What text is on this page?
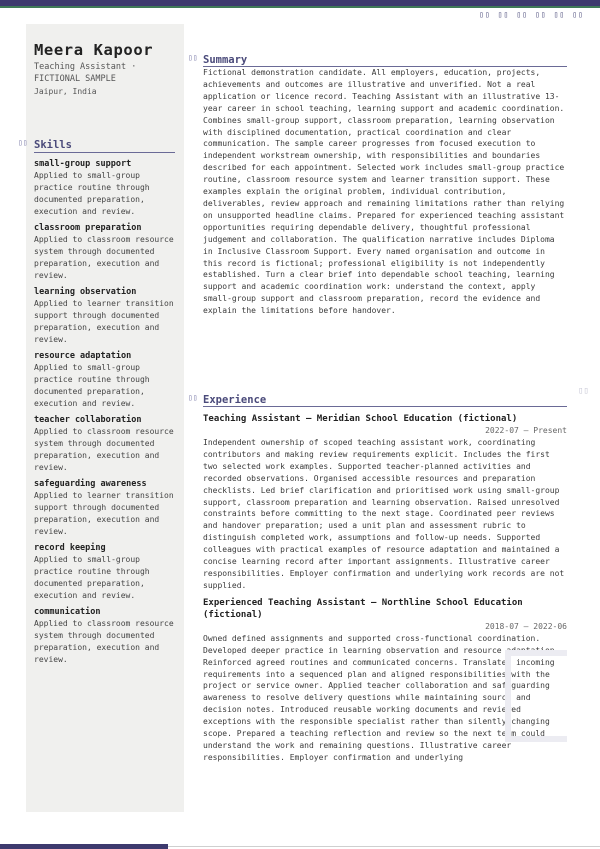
▯▯ ▯▯ ▯▯ ▯▯ ▯▯ ▯▯
Meera Kapoor
Teaching Assistant · FICTIONAL SAMPLE
Jaipur, India
small-group support
Applied to small-group practice routine through documented preparation, execution and review.
classroom preparation
Applied to classroom resource system through documented preparation, execution and review.
learning observation
Applied to learner transition support through documented preparation, execution and review.
resource adaptation
Applied to small-group practice routine through documented preparation, execution and review.
teacher collaboration
Applied to classroom resource system through documented preparation, execution and review.
safeguarding awareness
Applied to learner transition support through documented preparation, execution and review.
record keeping
Applied to small-group practice routine through documented preparation, execution and review.
communication
Applied to classroom resource system through documented preparation, execution and review.
▯▯ Skills
▯▯ Summary
Fictional demonstration candidate. All employers, education, projects, achievements and outcomes are illustrative and unverified. Not a real application or licence record. Teaching Assistant with an illustrative 13-year career in school teaching, learning support and academic coordination. Combines small-group support, classroom preparation, learning observation with disciplined documentation, practical coordination and clear communication. The sample career progresses from focused execution to independent workstream ownership, with responsibilities and boundaries described for each appointment. Selected work includes small-group practice routine, classroom resource system and learner transition support. These examples explain the original problem, individual contribution, deliverables, review approach and remaining limitations rather than relying on unsupported headline claims. Prepared for experienced teaching assistant opportunities requiring dependable delivery, thoughtful professional judgement and collaboration. The qualification narrative includes Diploma in Inclusive Classroom Support. Every named organisation and outcome in this record is fictional; professional eligibility is not independently established. Turn a clear brief into dependable school teaching, learning support and academic coordination work: understand the context, apply small-group support and classroom preparation, record the evidence and explain the limitations before handover.
▯▯ Experience
Teaching Assistant — Meridian School Education (fictional)
2022-07 – Present
Independent ownership of scoped teaching assistant work, coordinating contributors and making review requirements explicit. Includes the first two selected work examples. Supported teacher-planned activities and recorded observations. Organised accessible resources and preparation checklists. Led brief clarification and prioritised work using small-group support, classroom preparation and learning observation. Raised unresolved constraints before committing to the next stage. Coordinated peer reviews and handover preparation; used a unit plan and assessment rubric to distinguish completed work, assumptions and follow-up needs. Supported colleagues with practical examples of resource adaptation and maintained a concise learning record after important assignments. Illustrative career responsibilities. Employer confirmation and underlying work records are not supplied.
Experienced Teaching Assistant — Northline School Education (fictional)
2018-07 – 2022-06
Owned defined assignments and supported cross-functional coordination. Developed deeper practice in learning observation and resource adaptation. Reinforced agreed routines and communicated concerns. Translated incoming requirements into a sequenced plan and aligned responsibilities with the project or service owner. Applied teacher collaboration and safeguarding awareness to resolve delivery questions while maintaining source and decision notes. Introduced reusable working documents and reviewed exceptions with the responsible specialist rather than silently changing scope. Prepared a teaching reflection and review so the next team could understand the work and remaining questions. Illustrative career responsibilities. Employer confirmation and underlying
▯▯
